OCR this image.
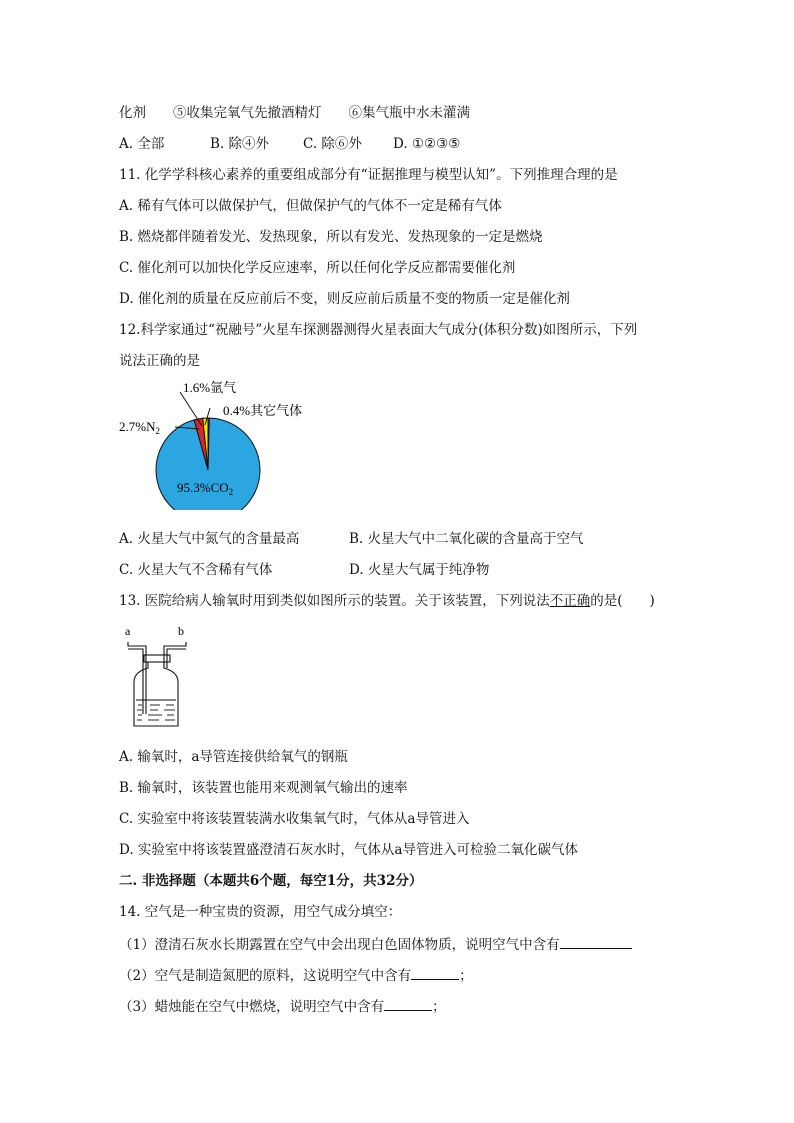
化剂　　⑤收集完氧气先撤酒精灯　　⑥集气瓶中水未灌满
A. 全部	B. 除④外	C. 除⑥外 D. ①②③⑤
11. 化学学科核心素养的重要组成部分有“证据推理与模型认知”。下列推理合理的是
A. 稀有气体可以做保护气，但做保护气的气体不一定是稀有气体
B. 燃烧都伴随着发光、发热现象，所以有发光、发热现象的一定是燃烧
C. 催化剂可以加快化学反应速率，所以任何化学反应都需要催化剂
D. 催化剂的质量在反应前后不变，则反应前后质量不变的物质一定是催化剂
12.科学家通过“祝融号”火星车探测器测得火星表面大气成分(体积分数)如图所示，下列
说法正确的是
1.6%氩气
0.4%其它气体
$2.7\%N_2$
$95.3\%CO_2$
A. 火星大气中氮气的含量最高	B. 火星大气中二氧化碳的含量高于空气
C. 火星大气不含稀有气体	D. 火星大气属于纯净物
13. 医院给病人输氧时用到类似如图所示的装置。关于该装置，下列说法不正确的是(　　)
a	b
A. 输氧时，a导管连接供给氧气的钢瓶
B. 输氧时，该装置也能用来观测氧气输出的速率
C. 实验室中将该装置装满水收集氧气时，气体从a导管进入
D. 实验室中将该装置盛澄清石灰水时，气体从a导管进入可检验二氧化碳气体
二. 非选择题（本题共6个题，每空1分，共32分）
14. 空气是一种宝贵的资源，用空气成分填空：
（1）澄清石灰水长期露置在空气中会出现白色固体物质，说明空气中含有
（2）空气是制造氮肥的原料，这说明空气中含有	；
（3）蜡烛能在空气中燃烧，说明空气中含有	；
